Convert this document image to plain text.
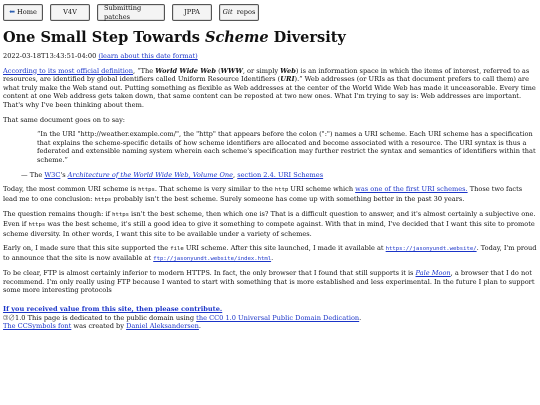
⬅ Home	V4V
Submitting patches
JPPA	Git repos
One Small Step Towards Scheme Diversity
2022-03-18T13:43:51-04:00 (learn about this date format)

According to its most official definition, “The World Wide Web (WWW, or simply Web) is an information space in which the items of interest, referred to as resources, are identified by global identifiers called Uniform Resource Identifiers (URI).” Web addresses (or URIs as that document prefers to call them) are what truly make the Web stand out. Putting something as flexible as Web addresses at the center of the World Wide Web has made it unceasorable. Every time content at one Web address gets taken down, that same content can be reposted at two new ones. What I'm trying to say is: Web addresses are important. That's why I've been thinking about them.

That same document goes on to say:

“In the URI "http://weather.example.com/", the "http" that appears before the colon (":") names a URI scheme. Each URI scheme has a specification that explains the scheme-specific details of how scheme identifiers are allocated and become associated with a resource. The URI syntax is thus a federated and extensible naming system wherein each scheme's specification may further restrict the syntax and semantics of identifiers within that scheme.”
— The W3C's Architecture of the World Wide Web, Volume One, section 2.4. URI Schemes

Today, the most common URI scheme is https. That scheme is very similar to the http URI scheme which was one of the first URI schemes. Those two facts lead me to one conclusion: https probably isn't the best scheme. Surely someone has come up with something better in the past 30 years.

The question remains though: if https isn't the best scheme, then which one is? That is a difficult question to answer, and it's almost certainly a subjective one. Even if https was the best scheme, it's still a good idea to give it something to compete against. With that in mind, I've decided that I want this site to promote scheme diversity. In other words, I want this site to be available under a variety of schemes.

Early on, I made sure that this site supported the file URI scheme. After this site launched, I made it available at https://jasonyundt.website/. Today, I'm proud to announce that the site is now available at ftp://jasonyundt.website/index.html.

To be clear, FTP is almost certainly inferior to modern HTTPS. In fact, the only browser that I found that still supports it is Pale Moon, a browser that I do not recommend. I'm only really using FTP because I wanted to start with something that is more established and less experimental. In the future I plan to support some more interesting protocols

If you received value from this site, then please contribute.
🄯∅1.0 This page is dedicated to the public domain using the CC0 1.0 Universal Public Domain Dedication.
The CCSymbols font was created by Daniel Aleksandersen.
